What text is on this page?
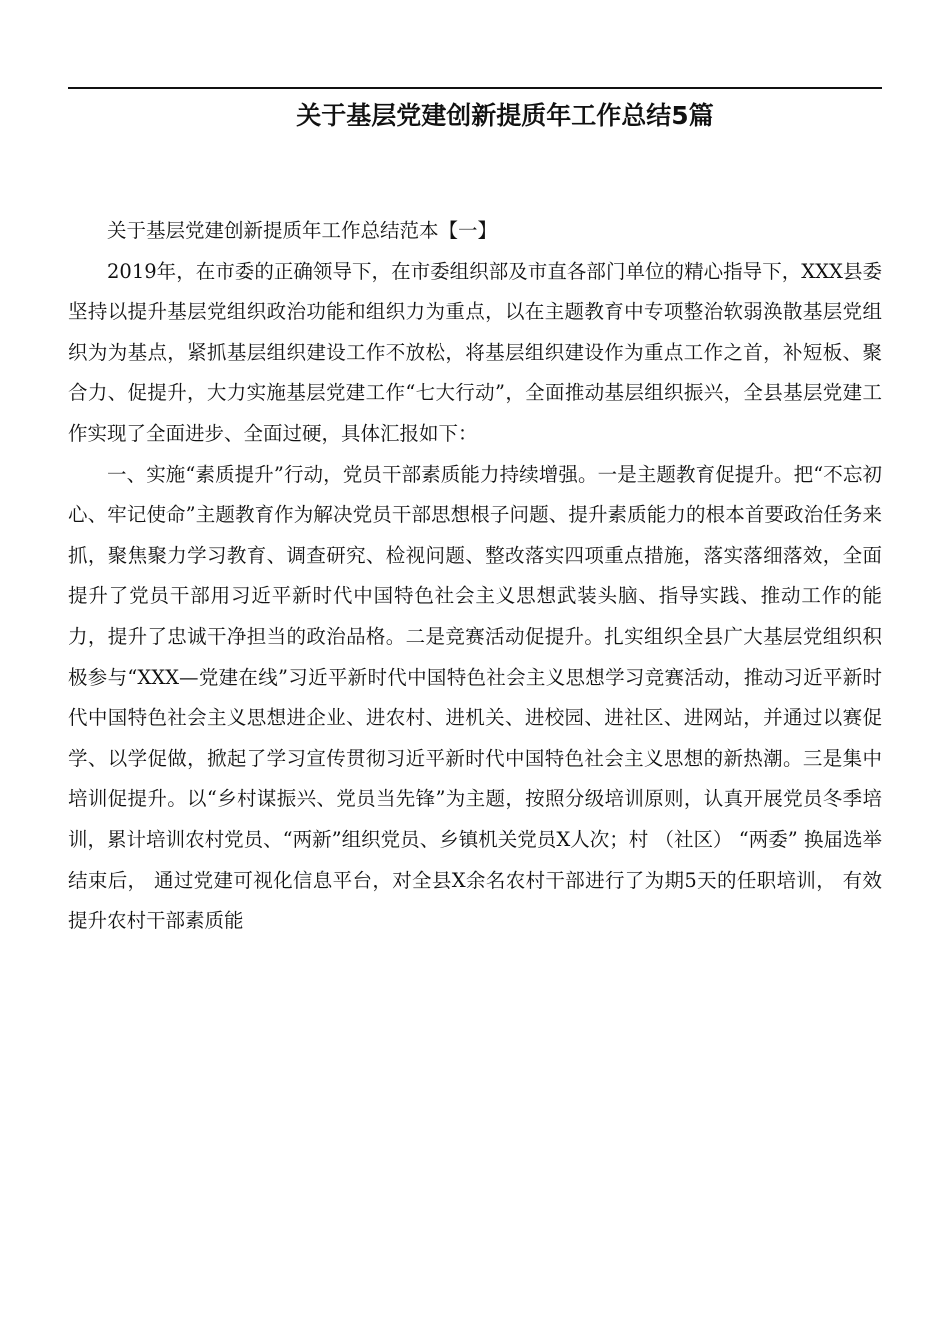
关于基层党建创新提质年工作总结5篇

关于基层党建创新提质年工作总结范本【一】

2019年，在市委的正确领导下，在市委组织部及市直各部门单位的精心指导下，XXX县委坚持以提升基层党组织政治功能和组织力为重点，以在主题教育中专项整治软弱涣散基层党组织为为基点，紧抓基层组织建设工作不放松，将基层组织建设作为重点工作之首，补短板、聚合力、促提升，大力实施基层党建工作“七大行动”，全面推动基层组织振兴，全县基层党建工作实现了全面进步、全面过硬，具体汇报如下：

一、实施“素质提升”行动，党员干部素质能力持续增强。一是主题教育促提升。把“不忘初心、牢记使命”主题教育作为解决党员干部思想根子问题、提升素质能力的根本首要政治任务来抓，聚焦聚力学习教育、调查研究、检视问题、整改落实四项重点措施，落实落细落效，全面提升了党员干部用习近平新时代中国特色社会主义思想武装头脑、指导实践、推动工作的能力，提升了忠诚干净担当的政治品格。二是竞赛活动促提升。扎实组织全县广大基层党组织积极参与“XXX—党建在线”习近平新时代中国特色社会主义思想学习竞赛活动，推动习近平新时代中国特色社会主义思想进企业、进农村、进机关、进校园、进社区、进网站，并通过以赛促学、以学促做，掀起了学习宣传贯彻习近平新时代中国特色社会主义思想的新热潮。三是集中培训促提升。以“乡村谋振兴、党员当先锋”为主题，按照分级培训原则，认真开展党员冬季培训，累计培训农村党员、“两新”组织党员、乡镇机关党员X人次；村 （社区） “两委” 换届选举结束后， 通过党建可视化信息平台，对全县X余名农村干部进行了为期5天的任职培训， 有效提升农村干部素质能
